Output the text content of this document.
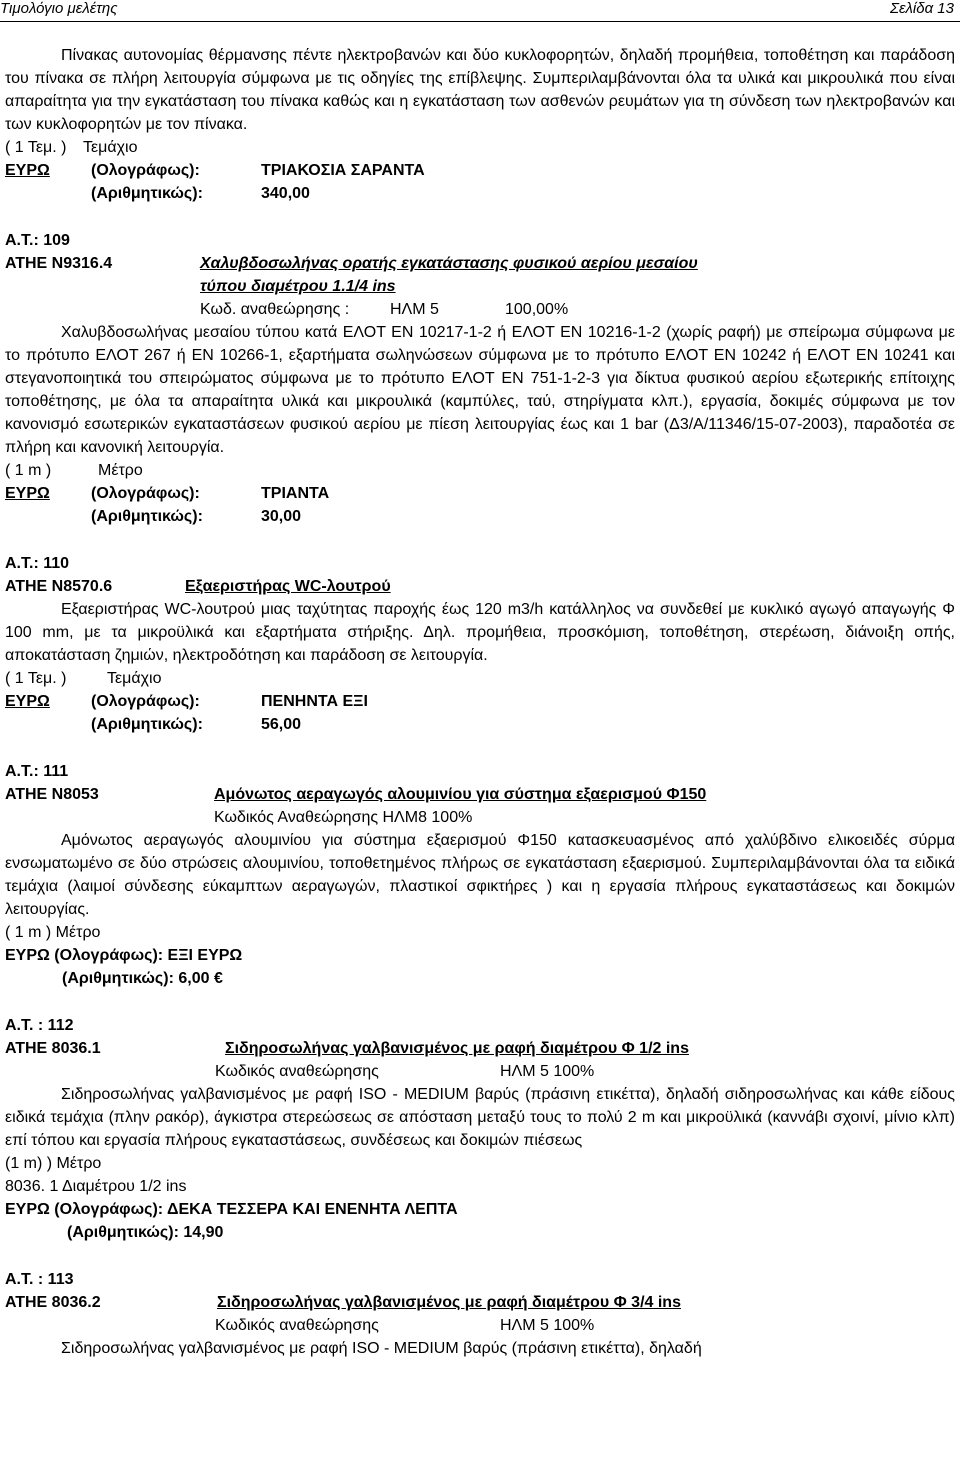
Τιμολόγιο μελέτης	Σελίδα 13

Πίνακας αυτονομίας θέρμανσης πέντε ηλεκτροβανών και δύο κυκλοφορητών, δηλαδή προμήθεια, τοποθέτηση και παράδοση του πίνακα σε πλήρη λειτουργία σύμφωνα με τις οδηγίες της επίβλεψης. Συμπεριλαμβάνονται όλα τα υλικά και μικρουλικά που είναι απαραίτητα για την εγκατάσταση του πίνακα καθώς και η εγκατάσταση των ασθενών ρευμάτων για τη σύνδεση των ηλεκτροβανών και των κυκλοφορητών με τον πίνακα.

( 1 Τεμ. ) Τεμάχιο
ΕΥΡΩ	(Ολογράφως):	ΤΡΙΑΚΟΣΙΑ ΣΑΡΑΝΤΑ
(Αριθμητικώς):	340,00
Α.Τ.: 109
ΑΤΗΕ Ν9316.4	Χαλυβδοσωλήνας ορατής εγκατάστασης φυσικού αερίου μεσαίου
τύπου διαμέτρου 1.1/4 ins
Κωδ. αναθεώρησης :	ΗΛΜ 5	100,00%

Χαλυβδοσωλήνας μεσαίου τύπου κατά ΕΛΟΤ ΕΝ 10217-1-2 ή ΕΛΟΤ ΕΝ 10216-1-2 (χωρίς ραφή) με σπείρωμα σύμφωνα με το πρότυπο ΕΛΟΤ 267 ή ΕΝ 10266-1, εξαρτήματα σωληνώσεων σύμφωνα με το πρότυπο ΕΛΟΤ ΕΝ 10242 ή ΕΛΟΤ ΕΝ 10241 και στεγανοποιητικά του σπειρώματος σύμφωνα με το πρότυπο ΕΛΟΤ ΕΝ 751-1-2-3 για δίκτυα φυσικού αερίου εξωτερικής επίτοιχης τοποθέτησης, με όλα τα απαραίτητα υλικά και μικρουλικά (καμπύλες, ταύ, στηρίγματα κλπ.), εργασία, δοκιμές σύμφωνα με τον κανονισμό εσωτερικών εγκαταστάσεων φυσικού αερίου με πίεση λειτουργίας έως και 1 bar (Δ3/Α/11346/15-07-2003), παραδοτέα σε πλήρη και κανονική λειτουργία.

( 1 m )	Μέτρο
ΕΥΡΩ	(Ολογράφως):	ΤΡΙΑΝΤΑ
(Αριθμητικώς):	30,00
Α.Τ.: 110
ΑΤΗΕ Ν8570.6	Εξαεριστήρας WC-λουτρού

Εξαεριστήρας WC-λουτρού μιας ταχύτητας παροχής έως 120 m3/h κατάλληλος να συνδεθεί με κυκλικό αγωγό απαγωγής Φ 100 mm, με τα μικροϋλικά και εξαρτήματα στήριξης. Δηλ. προμήθεια, προσκόμιση, τοποθέτηση, στερέωση, διάνοιξη οπής, αποκατάσταση ζημιών, ηλεκτροδότηση και παράδοση σε λειτουργία.

( 1 Τεμ. )	Τεμάχιο
ΕΥΡΩ	(Ολογράφως):	ΠΕΝΗΝΤΑ ΕΞΙ
(Αριθμητικώς):	56,00
Α.Τ.: 111
ΑΤΗΕ Ν8053	Αμόνωτος αεραγωγός αλουμινίου για σύστημα εξαερισμού Φ150
Κωδικός Αναθεώρησης ΗΛΜ8 100%

Αμόνωτος αεραγωγός αλουμινίου για σύστημα εξαερισμού Φ150 κατασκευασμένος από χαλύβδινο ελικοειδές σύρμα ενσωματωμένο σε δύο στρώσεις αλουμινίου, τοποθετημένος πλήρως σε εγκατάσταση εξαερισμού. Συμπεριλαμβάνονται όλα τα ειδικά τεμάχια (λαιμοί σύνδεσης εύκαμπτων αεραγωγών, πλαστικοί σφικτήρες ) και η εργασία πλήρους εγκαταστάσεως και δοκιμών λειτουργίας.

( 1 m ) Μέτρο
ΕΥΡΩ (Ολογράφως): ΕΞΙ ΕΥΡΩ
(Αριθμητικώς): 6,00 €
Α.Τ. : 112
ΑΤΗΕ 8036.1	Σιδηροσωλήνας γαλβανισμένος με ραφή διαμέτρου Φ 1/2 ins
Κωδικός αναθεώρησης	ΗΛΜ 5 100%

Σιδηροσωλήνας γαλβανισμένος με ραφή ISO - MEDIUM βαρύς (πράσινη ετικέττα), δηλαδή σιδηροσωλήνας και κάθε είδους ειδικά τεμάχια (πλην ρακόρ), άγκιστρα στερεώσεως σε απόσταση μεταξύ τους το πολύ 2 m και μικροϋλικά (καννάβι σχοινί, μίνιο κλπ) επί τόπου και εργασία πλήρους εγκαταστάσεως, συνδέσεως και δοκιμών πιέσεως

(1 m) ) Μέτρο
8036. 1 Διαμέτρου 1/2 ins
ΕΥΡΩ (Ολογράφως): ΔΕΚΑ ΤΕΣΣΕΡΑ ΚΑΙ ΕΝΕΝΗΤΑ ΛΕΠΤΑ
(Αριθμητικώς): 14,90
Α.Τ. : 113
ΑΤΗΕ 8036.2	Σιδηροσωλήνας γαλβανισμένος με ραφή διαμέτρου Φ 3/4 ins
Κωδικός αναθεώρησης	ΗΛΜ 5 100%

Σιδηροσωλήνας γαλβανισμένος με ραφή ISO - MEDIUM βαρύς (πράσινη ετικέττα), δηλαδή
